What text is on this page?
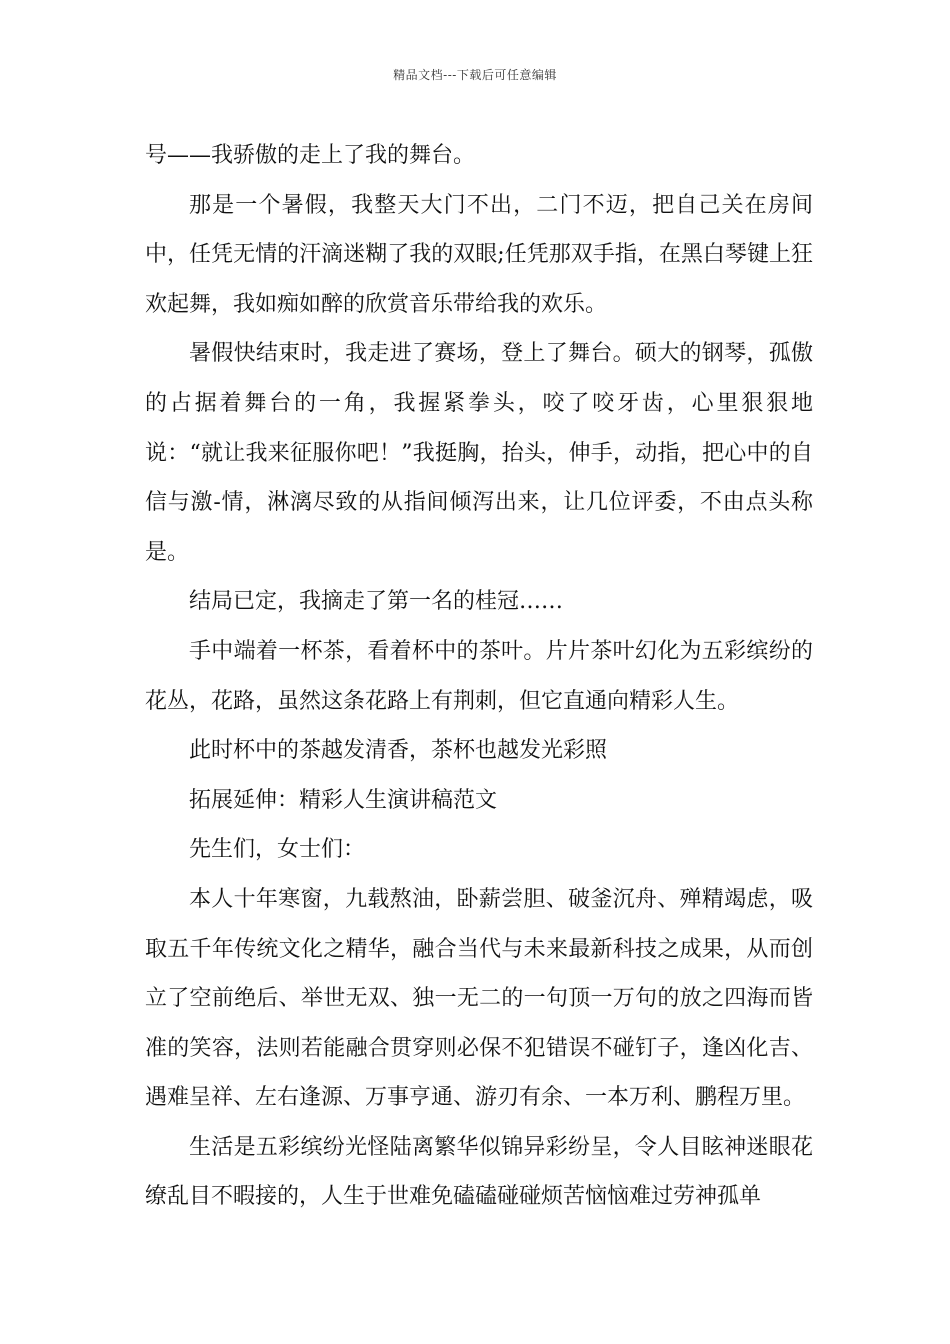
精品文档---下载后可任意编辑

号——我骄傲的走上了我的舞台。

那是一个暑假，我整天大门不出，二门不迈，把自己关在房间中，任凭无情的汗滴迷糊了我的双眼;任凭那双手指，在黑白琴键上狂欢起舞，我如痴如醉的欣赏音乐带给我的欢乐。

暑假快结束时，我走进了赛场，登上了舞台。硕大的钢琴，孤傲的占据着舞台的一角，我握紧拳头，咬了咬牙齿，心里狠狠地说：“就让我来征服你吧！”我挺胸，抬头，伸手，动指，把心中的自信与激-情，淋漓尽致的从指间倾泻出来，让几位评委，不由点头称是。

结局已定，我摘走了第一名的桂冠……

手中端着一杯茶，看着杯中的茶叶。片片茶叶幻化为五彩缤纷的花丛，花路，虽然这条花路上有荆刺，但它直通向精彩人生。

此时杯中的茶越发清香，茶杯也越发光彩照

拓展延伸：精彩人生演讲稿范文

先生们，女士们：

本人十年寒窗，九载熬油，卧薪尝胆、破釜沉舟、殚精竭虑，吸取五千年传统文化之精华，融合当代与未来最新科技之成果，从而创立了空前绝后、举世无双、独一无二的一句顶一万句的放之四海而皆准的笑容，法则若能融合贯穿则必保不犯错误不碰钉子，逢凶化吉、遇难呈祥、左右逢源、万事亨通、游刃有余、一本万利、鹏程万里。

生活是五彩缤纷光怪陆离繁华似锦异彩纷呈，令人目眩神迷眼花缭乱目不暇接的，人生于世难免磕磕碰碰烦苦恼恼难过劳神孤单
